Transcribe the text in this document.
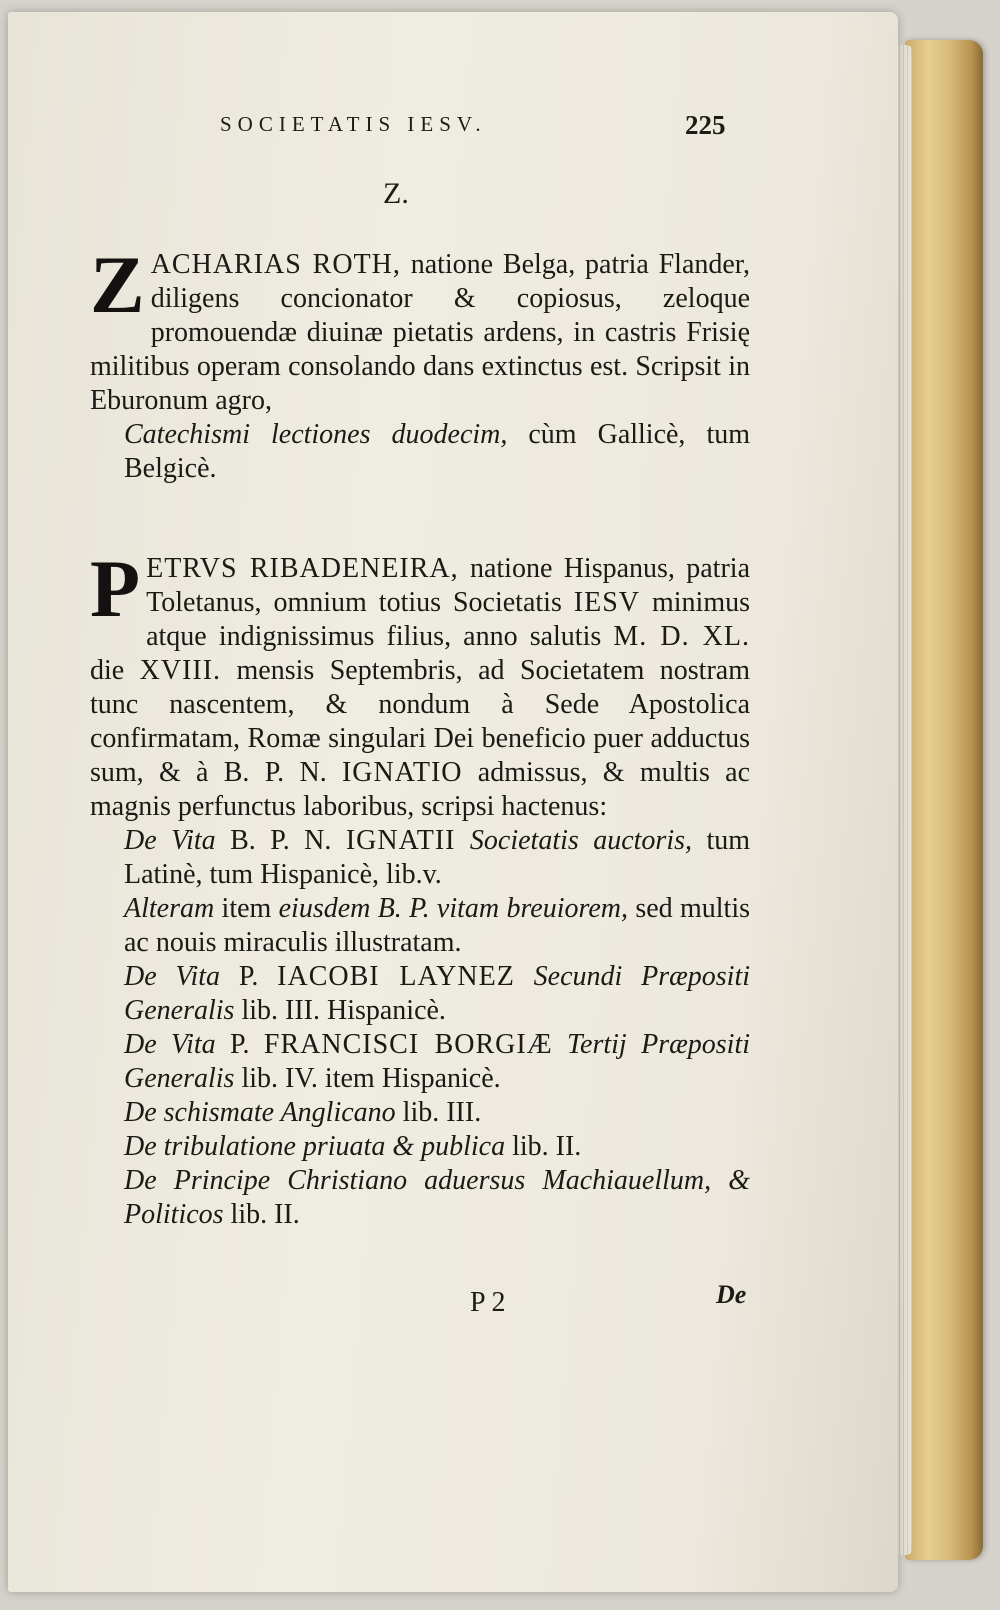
SOCIETATIS IESV.	225
Z.

ZACHARIAS ROTH, natione Belga, patria Flander, diligens concionator & copiosus, zeloque promouendæ diuinæ pietatis ardens, in castris Frisię militibus operam consolando dans extinctus est. Scripsit in Eburonum agro,

Catechismi lectiones duodecim, cùm Gallicè, tum Belgicè.

PETRVS RIBADENEIRA, natione Hispanus, patria Toletanus, omnium totius Societatis IESV minimus atque indignissimus filius, anno salutis M. D. XL. die XVIII. mensis Septembris, ad Societatem nostram tunc nascentem, & nondum à Sede Apostolica confirmatam, Romæ singulari Dei beneficio puer adductus sum, & à B. P. N. IGNATIO admissus, & multis ac magnis perfunctus laboribus, scripsi hactenus:

De Vita B. P. N. IGNATII Societatis auctoris, tum Latinè, tum Hispanicè, lib.v.

Alteram item eiusdem B. P. vitam breuiorem, sed multis ac nouis miraculis illustratam.

De Vita P. IACOBI LAYNEZ Secundi Præpositi Generalis lib. III. Hispanicè.

De Vita P. FRANCISCI BORGIÆ Tertij Præpositi Generalis lib. IV. item Hispanicè.

De schismate Anglicano lib. III.

De tribulatione priuata & publica lib. II.

De Principe Christiano aduersus Machiauellum, & Politicos lib. II.

P 2	De
